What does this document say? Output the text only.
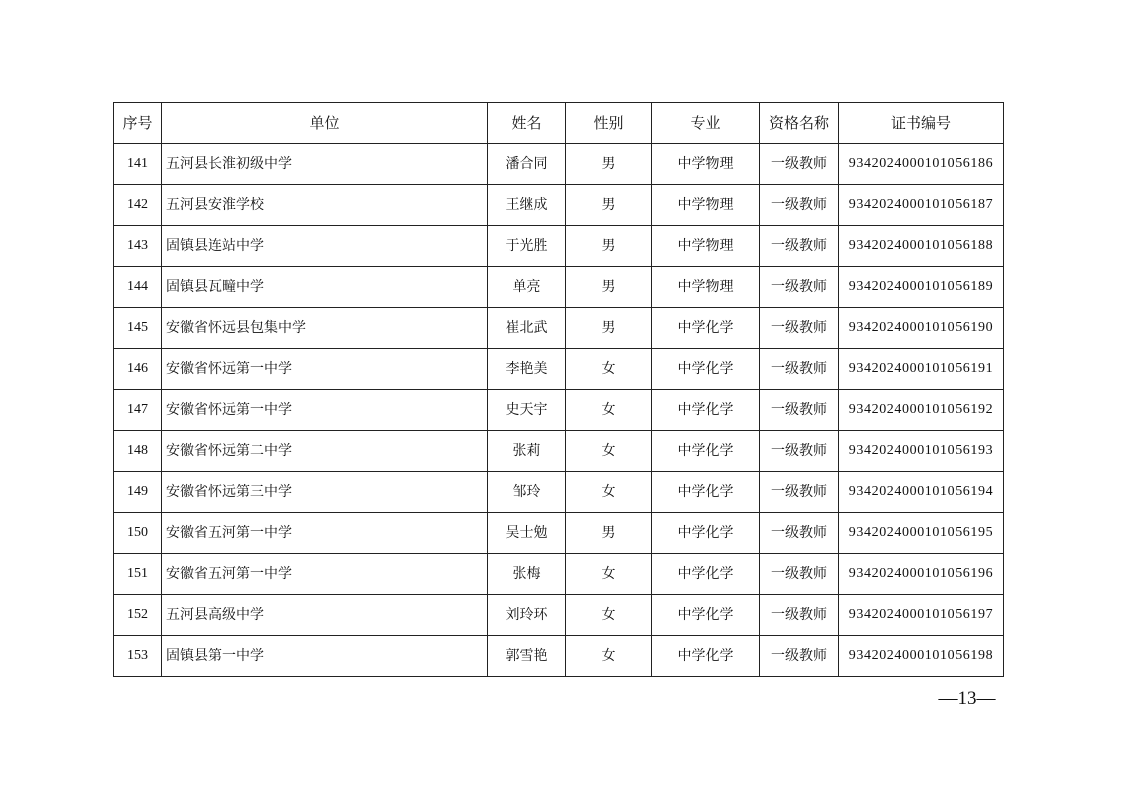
序号	单位	姓名	性别	专业	资格名称	证书编号
141	五河县长淮初级中学	潘合同	男	中学物理	一级教师	9342024000101056186
142	五河县安淮学校	王继成	男	中学物理	一级教师	9342024000101056187
143	固镇县连站中学	于光胜	男	中学物理	一级教师	9342024000101056188
144	固镇县瓦疃中学	单亮	男	中学物理	一级教师	9342024000101056189
145	安徽省怀远县包集中学	崔北武	男	中学化学	一级教师	9342024000101056190
146	安徽省怀远第一中学	李艳美	女	中学化学	一级教师	9342024000101056191
147	安徽省怀远第一中学	史天宇	女	中学化学	一级教师	9342024000101056192
148	安徽省怀远第二中学	张莉	女	中学化学	一级教师	9342024000101056193
149	安徽省怀远第三中学	邹玲	女	中学化学	一级教师	9342024000101056194
150	安徽省五河第一中学	吴士勉	男	中学化学	一级教师	9342024000101056195
151	安徽省五河第一中学	张梅	女	中学化学	一级教师	9342024000101056196
152	五河县高级中学	刘玲环	女	中学化学	一级教师	9342024000101056197
153	固镇县第一中学	郭雪艳	女	中学化学	一级教师	9342024000101056198
—13—
